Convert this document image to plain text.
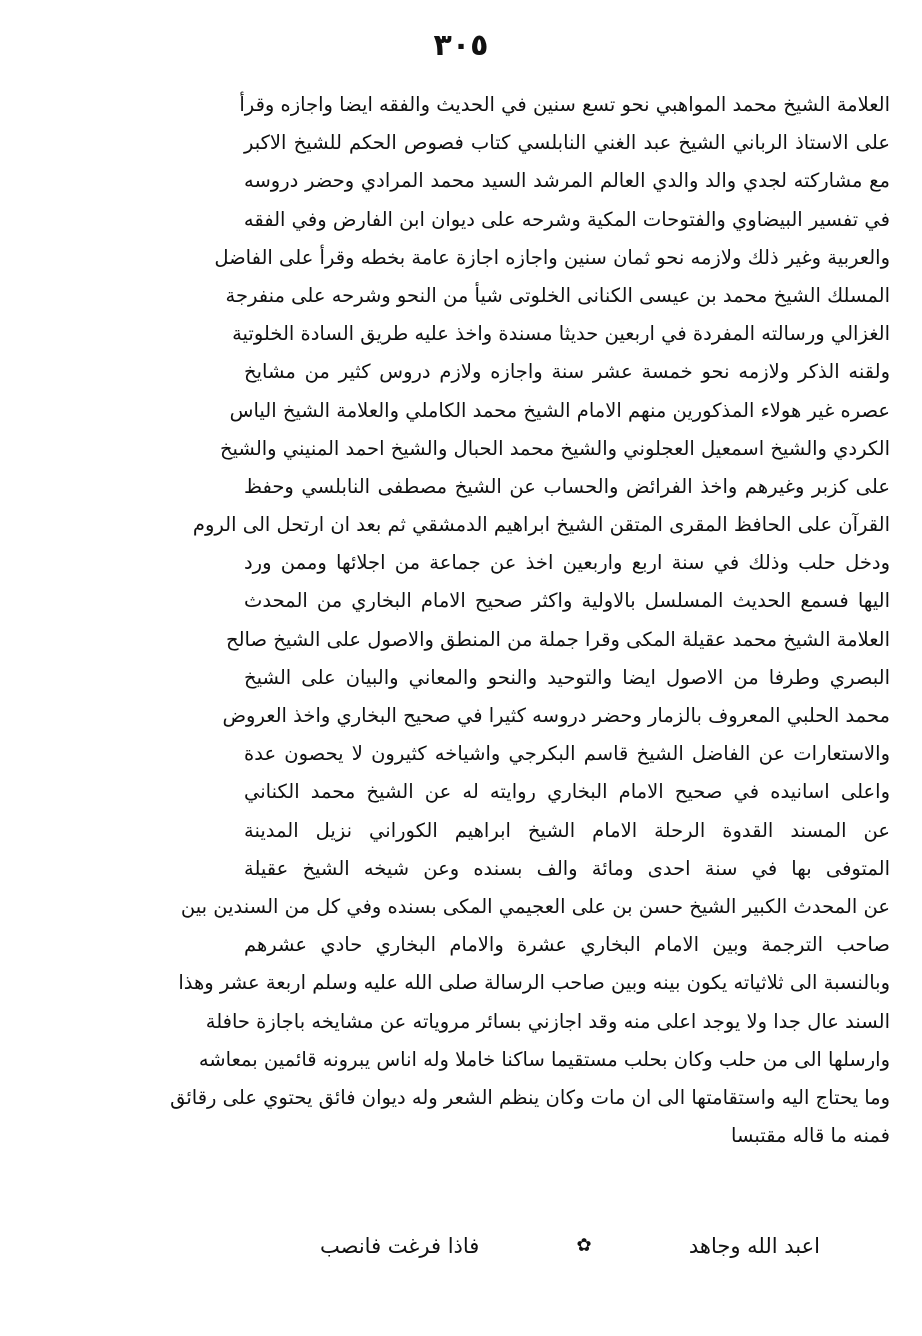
٣٠٥
العلامة الشيخ محمد المواهبي نحو تسع سنين في الحديث والفقه ايضا واجازه وقرأ
على الاستاذ الرباني الشيخ عبد الغني النابلسي كتاب فصوص الحكم للشيخ الاكبر
مع مشاركته لجدي والد والدي العالم المرشد السيد محمد المرادي وحضر دروسه
في تفسير البيضاوي والفتوحات المكية وشرحه على ديوان ابن الفارض وفي الفقه
والعربية وغير ذلك ولازمه نحو ثمان سنين واجازه اجازة عامة بخطه وقرأ على الفاضل
المسلك الشيخ محمد بن عيسى الكنانى الخلوتى شيأ من النحو وشرحه على منفرجة
الغزالي ورسالته المفردة في اربعين حديثا مسندة واخذ عليه طريق السادة الخلوتية
ولقنه الذكر ولازمه نحو خمسة عشر سنة واجازه ولازم دروس كثير من مشايخ
عصره غير هولاء المذكورين منهم الامام الشيخ محمد الكاملي والعلامة الشيخ الياس
الكردي والشيخ اسمعيل العجلوني والشيخ محمد الحبال والشيخ احمد المنيني والشيخ
على كزبر وغيرهم واخذ الفرائض والحساب عن الشيخ مصطفى النابلسي وحفظ
القرآن على الحافظ المقرى المتقن الشيخ ابراهيم الدمشقي ثم بعد ان ارتحل الى الروم
ودخل حلب وذلك في سنة اربع واربعين اخذ عن جماعة من اجلائها وممن ورد
اليها فسمع الحديث المسلسل بالاولية واكثر صحيح الامام البخاري من المحدث
العلامة الشيخ محمد عقيلة المكى وقرا جملة من المنطق والاصول على الشيخ صالح
البصري وطرفا من الاصول ايضا والتوحيد والنحو والمعاني والبيان على الشيخ
محمد الحلبي المعروف بالزمار وحضر دروسه كثيرا في صحيح البخاري واخذ العروض
والاستعارات عن الفاضل الشيخ قاسم البكرجي واشياخه كثيرون لا يحصون عدة
واعلى اسانيده في صحيح الامام البخاري روايته له عن الشيخ محمد الكناني
عن المسند القدوة الرحلة الامام الشيخ ابراهيم الكوراني نزيل المدينة
المتوفى بها في سنة احدى ومائة والف بسنده وعن شيخه الشيخ عقيلة
عن المحدث الكبير الشيخ حسن بن على العجيمي المكى بسنده وفي كل من السندين بين
صاحب الترجمة وبين الامام البخاري عشرة والامام البخاري حادي عشرهم
وبالنسبة الى ثلاثياته يكون بينه وبين صاحب الرسالة صلى الله عليه وسلم اربعة عشر وهذا
السند عال جدا ولا يوجد اعلى منه وقد اجازني بسائر مروياته عن مشايخه باجازة حافلة
وارسلها الى من حلب وكان بحلب مستقيما ساكنا خاملا وله اناس يبرونه قائمين بمعاشه
وما يحتاج اليه واستقامتها الى ان مات وكان ينظم الشعر وله ديوان فائق يحتوي على رقائق
فمنه ما قاله مقتبسا
اعبد الله وجاهد
✿
فاذا فرغت فانصب
